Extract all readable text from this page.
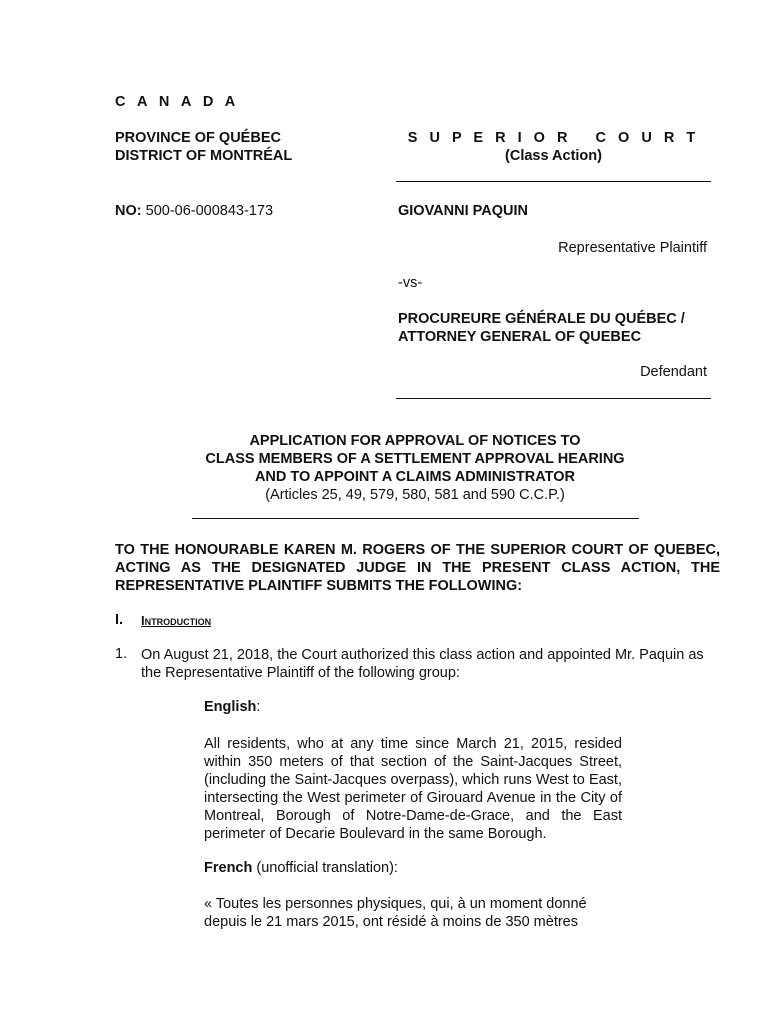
C A N A D A
PROVINCE OF QUÉBEC
DISTRICT OF MONTRÉAL
S U P E R I O R   C O U R T
(Class Action)
NO: 500-06-000843-173	GIOVANNI PAQUIN
Representative Plaintiff
-vs-
PROCUREURE GÉNÉRALE DU QUÉBEC /
ATTORNEY GENERAL OF QUEBEC
Defendant
APPLICATION FOR APPROVAL OF NOTICES TO
CLASS MEMBERS OF A SETTLEMENT APPROVAL HEARING
AND TO APPOINT A CLAIMS ADMINISTRATOR
(Articles 25, 49, 579, 580, 581 and 590 C.C.P.)
TO THE HONOURABLE KAREN M. ROGERS OF THE SUPERIOR COURT OF QUEBEC, ACTING AS THE DESIGNATED JUDGE IN THE PRESENT CLASS ACTION, THE REPRESENTATIVE PLAINTIFF SUBMITS THE FOLLOWING:
I. Introduction
1. On August 21, 2018, the Court authorized this class action and appointed Mr. Paquin as the Representative Plaintiff of the following group:
English:
All residents, who at any time since March 21, 2015, resided within 350 meters of that section of the Saint-Jacques Street, (including the Saint-Jacques overpass), which runs West to East, intersecting the West perimeter of Girouard Avenue in the City of Montreal, Borough of Notre-Dame-de-Grace, and the East perimeter of Decarie Boulevard in the same Borough.
French (unofficial translation):
« Toutes les personnes physiques, qui, à un moment donné depuis le 21 mars 2015, ont résidé à moins de 350 mètres
